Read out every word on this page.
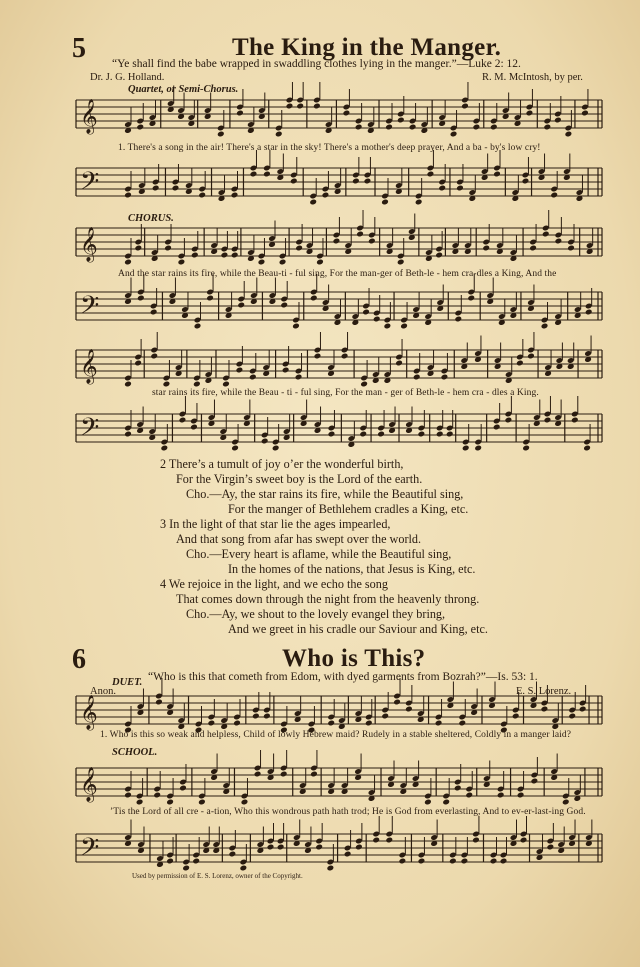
5	The King in the Manger.
“Ye shall find the babe wrapped in swaddling clothes lying in the manger.”—Luke 2: 12.
Dr. J. G. Holland.	R. M. McIntosh, by per.
Quartet, or Semi-Chorus.
𝄞
1. There's a song in the air! There's a star in the sky! There's a mother's deep prayer, And a ba - by's low cry!
𝄢
CHORUS.
𝄞
And the star rains its fire, while the Beau-ti - ful sing, For the man-ger of Beth-le - hem cra-dles a King, And the
𝄢
𝄞
star rains its fire, while the Beau - ti - ful sing, For the man - ger of Beth-le - hem cra - dles a King.
𝄢
2 There’s a tumult of joy o’er the wonderful birth,
For the Virgin’s sweet boy is the Lord of the earth.
Cho.—Ay, the star rains its fire, while the Beautiful sing,
For the manger of Bethlehem cradles a King, etc.
3 In the light of that star lie the ages impearled,
And that song from afar has swept over the world.
Cho.—Every heart is aflame, while the Beautiful sing,
In the homes of the nations, that Jesus is King, etc.
4 We rejoice in the light, and we echo the song
That comes down through the night from the heavenly throng.
Cho.—Ay, we shout to the lovely evangel they bring,
And we greet in his cradle our Saviour and King, etc.
6	Who is This?
“Who is this that cometh from Edom, with dyed garments from Bozrah?”—Is. 53: 1.
Anon.	E. S. Lorenz.
DUET.
𝄞
1. Who is this so weak and helpless, Child of lowly Hebrew maid? Rudely in a stable sheltered, Coldly in a manger laid?
SCHOOL.
𝄞
’Tis the Lord of all cre - a-tion, Who this wondrous path hath trod; He is God from everlasting, And to ev-er-last-ing God.
𝄢
Used by permission of E. S. Lorenz, owner of the Copyright.
